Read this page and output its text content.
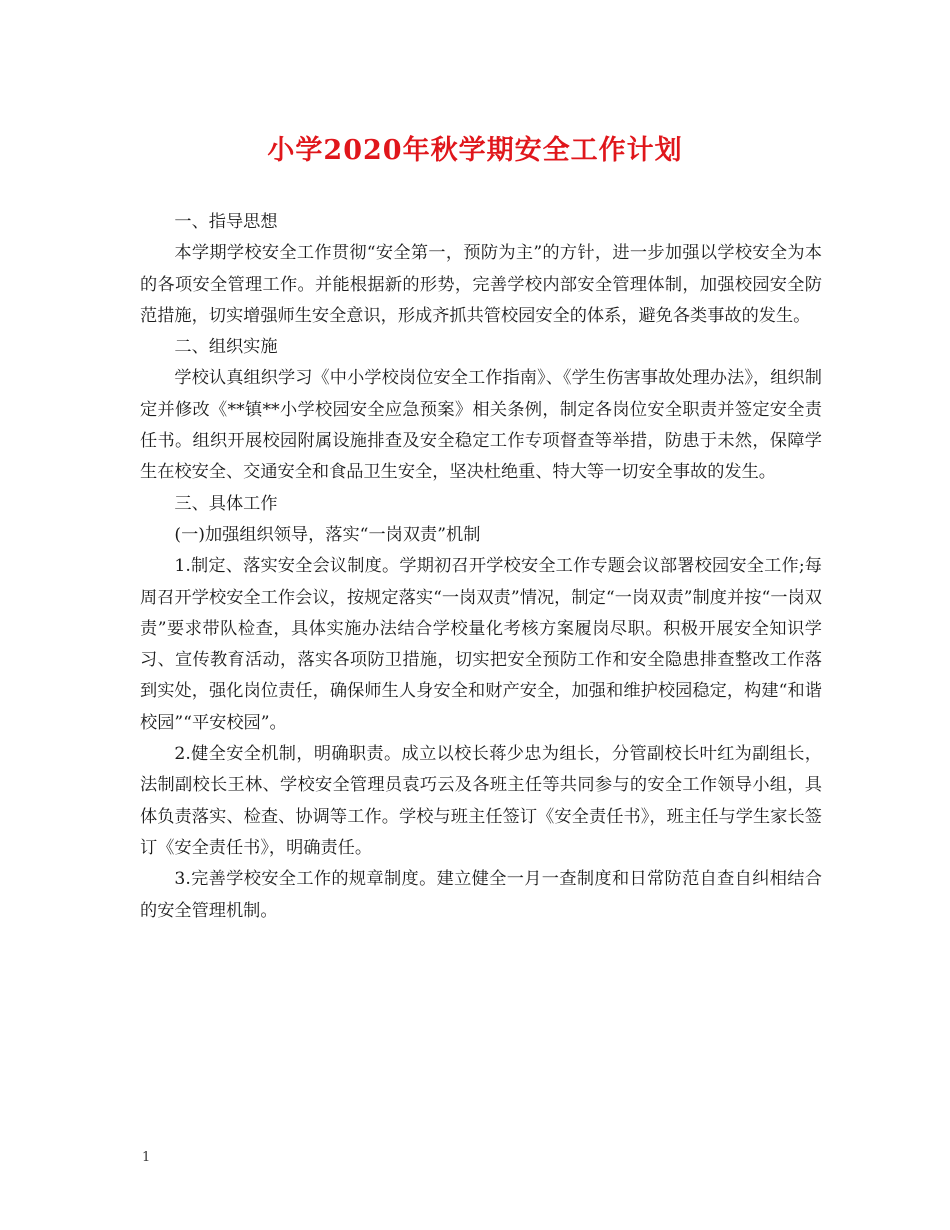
小学2020年秋学期安全工作计划

一、指导思想

本学期学校安全工作贯彻“安全第一，预防为主”的方针，进一步加强以学校安全为本的各项安全管理工作。并能根据新的形势，完善学校内部安全管理体制，加强校园安全防范措施，切实增强师生安全意识，形成齐抓共管校园安全的体系，避免各类事故的发生。

二、组织实施

学校认真组织学习《中小学校岗位安全工作指南》、《学生伤害事故处理办法》，组织制定并修改《**镇**小学校园安全应急预案》相关条例，制定各岗位安全职责并签定安全责任书。组织开展校园附属设施排查及安全稳定工作专项督查等举措，防患于未然，保障学生在校安全、交通安全和食品卫生安全，坚决杜绝重、特大等一切安全事故的发生。

三、具体工作

(一)加强组织领导，落实“一岗双责”机制

1.制定、落实安全会议制度。学期初召开学校安全工作专题会议部署校园安全工作;每周召开学校安全工作会议，按规定落实“一岗双责”情况，制定“一岗双责”制度并按“一岗双责”要求带队检查，具体实施办法结合学校量化考核方案履岗尽职。积极开展安全知识学习、宣传教育活动，落实各项防卫措施，切实把安全预防工作和安全隐患排查整改工作落到实处，强化岗位责任，确保师生人身安全和财产安全，加强和维护校园稳定，构建“和谐校园”“平安校园”。

2.健全安全机制，明确职责。成立以校长蒋少忠为组长，分管副校长叶红为副组长，法制副校长王林、学校安全管理员袁巧云及各班主任等共同参与的安全工作领导小组，具体负责落实、检查、协调等工作。学校与班主任签订《安全责任书》，班主任与学生家长签订《安全责任书》，明确责任。

3.完善学校安全工作的规章制度。建立健全一月一查制度和日常防范自查自纠相结合的安全管理机制。

1
